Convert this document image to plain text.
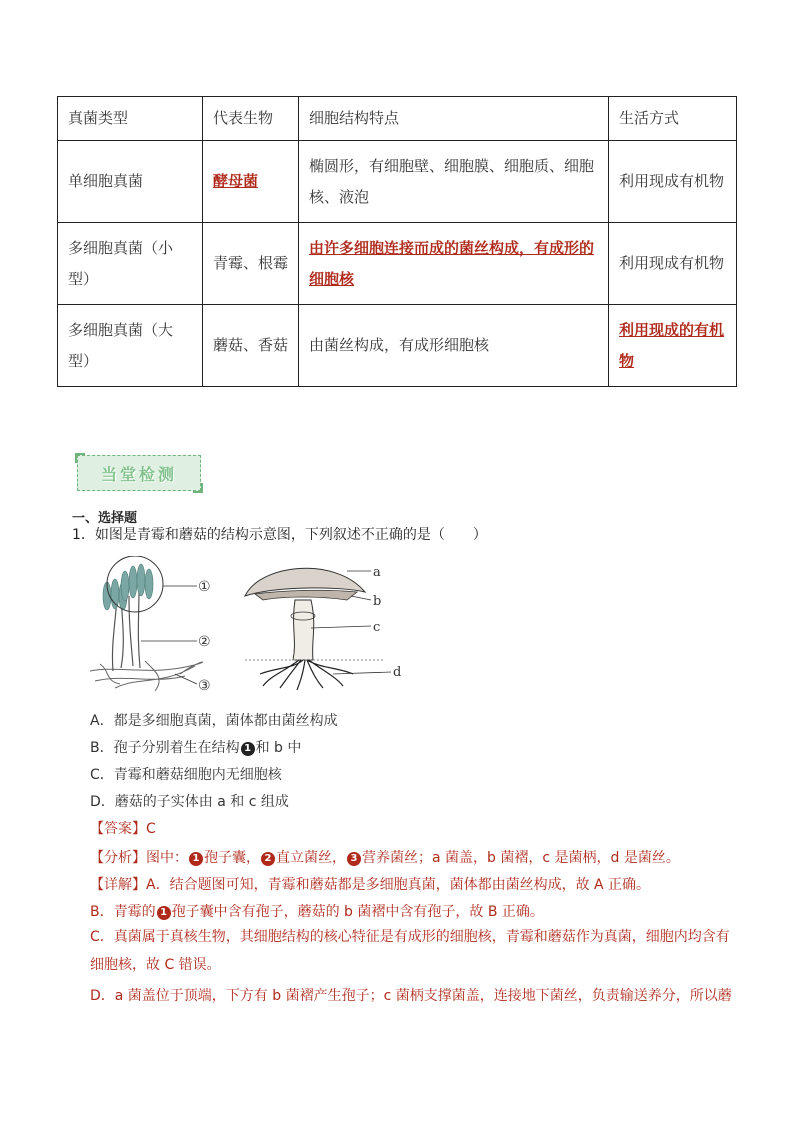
真菌类型	代表生物	细胞结构特点	生活方式
单细胞真菌	酵母菌	椭圆形，有细胞壁、细胞膜、细胞质、细胞核、液泡	利用现成有机物
多细胞真菌（小型）	青霉、根霉	由许多细胞连接而成的菌丝构成，有成形的细胞核	利用现成有机物
多细胞真菌（大型）	蘑菇、香菇	由菌丝构成，有成形细胞核	利用现成的有机物
当堂检测
一、选择题
1．如图是青霉和蘑菇的结构示意图，下列叙述不正确的是（　　）
①
②
③
a
b
c
d
A．都是多细胞真菌，菌体都由菌丝构成
B．孢子分别着生在结构 1 和 b 中
C．青霉和蘑菇细胞内无细胞核
D．蘑菇的子实体由 a 和 c 组成
【答案】C
【分析】图中： 1 孢子囊， 2 直立菌丝， 3 营养菌丝；a 菌盖，b 菌褶，c 是菌柄，d 是菌丝。
【详解】A．结合题图可知，青霉和蘑菇都是多细胞真菌，菌体都由菌丝构成，故 A 正确。
B．青霉的 1 孢子囊中含有孢子，蘑菇的 b 菌褶中含有孢子，故 B 正确。
C．真菌属于真核生物，其细胞结构的核心特征是有成形的细胞核，青霉和蘑菇作为真菌，细胞内均含有细胞核，故 C 错误。
D．a 菌盖位于顶端，下方有 b 菌褶产生孢子；c 菌柄支撑菌盖，连接地下菌丝，负责输送养分，所以蘑
